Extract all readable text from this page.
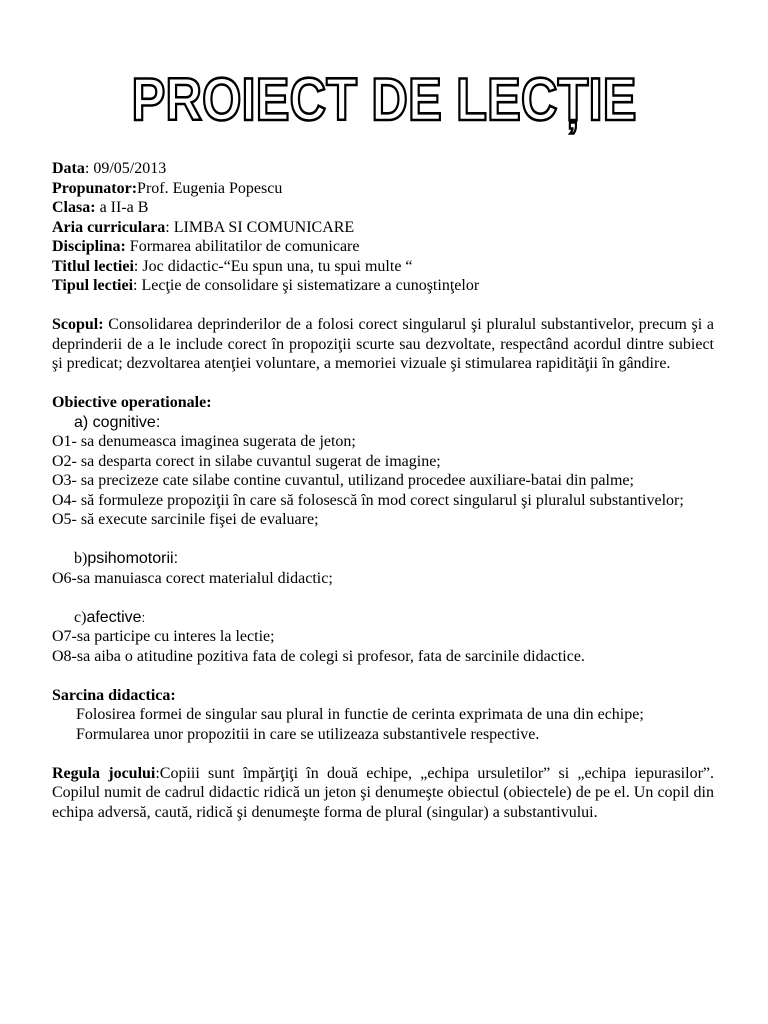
PROIECT DE LECȚIE
Data: 09/05/2013
Propunator:Prof. Eugenia Popescu
Clasa: a II-a B
Aria curriculara: LIMBA SI COMUNICARE
Disciplina: Formarea abilitatilor de comunicare
Titlul lectiei: Joc didactic-“Eu spun una, tu spui multe “
Tipul lectiei: Lecţie de consolidare şi sistematizare a cunoştinţelor
Scopul: Consolidarea deprinderilor de a folosi corect singularul şi pluralul substantivelor, precum şi a deprinderii de a le include corect în propoziţii scurte sau dezvoltate, respectând acordul dintre subiect şi predicat; dezvoltarea atenţiei voluntare, a memoriei vizuale şi stimularea rapidităţii în gândire.
Obiective operationale:
a) cognitive:
O1- sa denumeasca imaginea sugerata de jeton;
O2- sa desparta corect in silabe cuvantul sugerat de imagine;
O3- sa precizeze cate silabe contine cuvantul, utilizand procedee auxiliare-batai din palme;
O4- să formuleze propoziţii în care să folosescă în mod corect singularul şi pluralul substantivelor;
O5- să execute sarcinile fişei de evaluare;
b)psihomotorii:
O6-sa manuiasca corect materialul didactic;
c)afective:
O7-sa participe cu interes la lectie;
O8-sa aiba o atitudine pozitiva fata de colegi si profesor, fata de sarcinile didactice.
Sarcina didactica:
Folosirea formei de singular sau plural in functie de cerinta exprimata de una din echipe;
Formularea unor propozitii in care se utilizeaza substantivele respective.
Regula jocului:Copiii sunt împărţiţi în două echipe, „echipa ursuletilor” si „echipa iepurasilor”. Copilul numit de cadrul didactic ridică un jeton şi denumeşte obiectul (obiectele) de pe el. Un copil din echipa adversă, caută, ridică şi denumeşte forma de plural (singular) a substantivului.
